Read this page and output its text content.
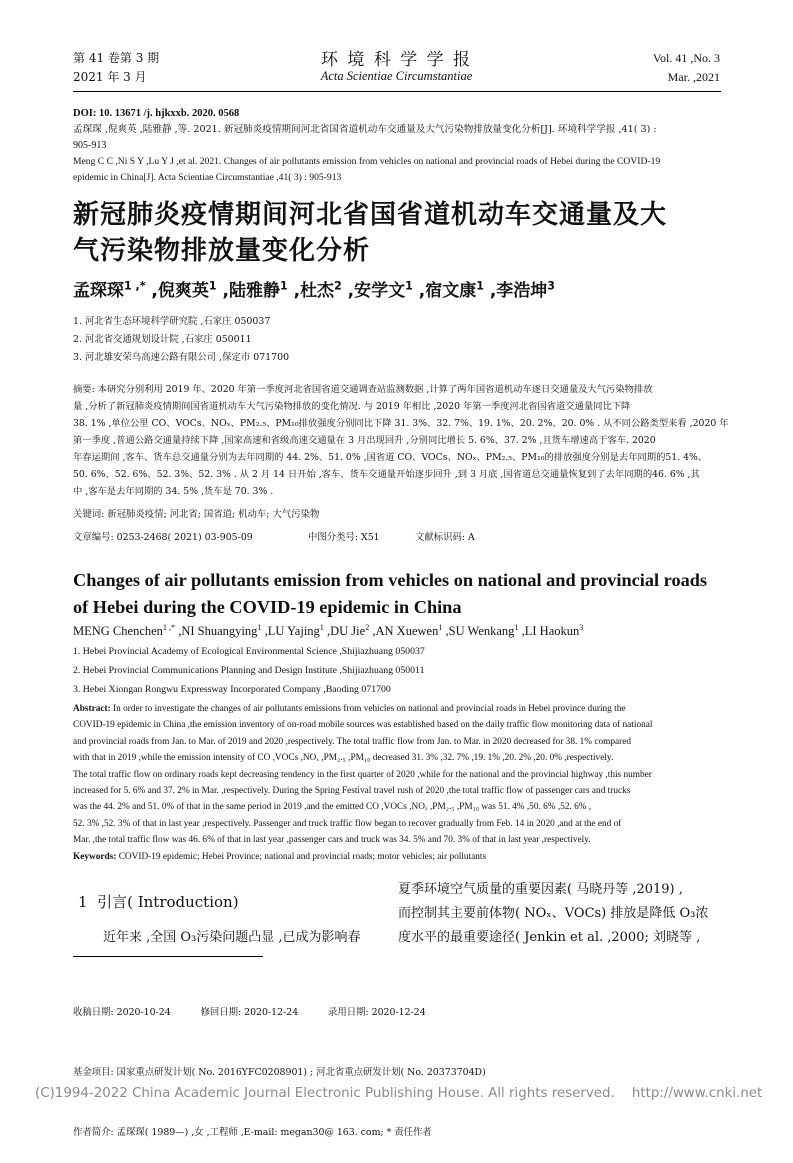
第 41 卷第 3 期
2021 年 3 月
环 境 科 学 学 报
Acta Scientiae Circumstantiae
Vol. 41 ,No. 3
Mar. ,2021
DOI: 10. 13671 /j. hjkxxb. 2020. 0568
孟琛琛 ,倪爽英 ,陆雅静 ,等. 2021. 新冠肺炎疫情期间河北省国省道机动车交通量及大气污染物排放量变化分析[J]. 环境科学学报 ,41( 3) :
905-913
Meng C C ,Ni S Y ,Lu Y J ,et al. 2021. Changes of air pollutants emission from vehicles on national and provincial roads of Hebei during the COVID-19
epidemic in China[J]. Acta Scientiae Circumstantiae ,41( 3) : 905-913
新冠肺炎疫情期间河北省国省道机动车交通量及大
气污染物排放量变化分析
孟琛琛$^{1 ,*}$ ,倪爽英$^1$ ,陆雅静$^1$ ,杜杰$^2$ ,安学文$^1$ ,宿文康$^1$ ,李浩坤$^3$
1. 河北省生态环境科学研究院 ,石家庄 050037
2. 河北省交通规划设计院 ,石家庄 050011
3. 河北雄安荣乌高速公路有限公司 ,保定市 071700
摘要: 本研究分别利用 2019 年、2020 年第一季度河北省国省道交通调查站监测数据 ,计算了两年国省道机动车逐日交通量及大气污染物排放
量 ,分析了新冠肺炎疫情期间国省道机动车大气污染物排放的变化情况. 与 2019 年相比 ,2020 年第一季度河北省国省道交通量同比下降
38. 1% ,单位公里 CO、VOCs、NOₓ、PM₂.₅、PM₁₀排放强度分别同比下降 31. 3%、32. 7%、19. 1%、20. 2%、20. 0% . 从不同公路类型来看 ,2020 年
第一季度 ,普通公路交通量持续下降 ,国家高速和省级高速交通量在 3 月出现回升 ,分别同比增长 5. 6%、37. 2% ,且货车增速高于客车. 2020
年春运期间 ,客车、货车总交通量分别为去年同期的 44. 2%、51. 0% ,国省道 CO、VOCs、NOₓ、PM₂.₅、PM₁₀的排放强度分别是去年同期的51. 4%、
50. 6%、52. 6%、52. 3%、52. 3% . 从 2 月 14 日开始 ,客车、货车交通量开始逐步回升 ,到 3 月底 ,国省道总交通量恢复到了去年同期的46. 6% ,其
中 ,客车是去年同期的 34. 5% ,货车是 70. 3% .
关键词: 新冠肺炎疫情; 河北省; 国省道; 机动车; 大气污染物
文章编号: 0253-2468( 2021) 03-905-09	中图分类号: X51	文献标识码: A
Changes of air pollutants emission from vehicles on national and provincial roads
of Hebei during the COVID-19 epidemic in China
MENG Chenchen$^{1 ,*}$ ,NI Shuangying$^1$ ,LU Yajing$^1$ ,DU Jie$^2$ ,AN Xuewen$^1$ ,SU Wenkang$^1$ ,LI Haokun$^3$
1. Hebei Provincial Academy of Ecological Environmental Science ,Shijiazhuang 050037
2. Hebei Provincial Communications Planning and Design Institute ,Shijiazhuang 050011
3. Hebei Xiongan Rongwu Expressway Incorporated Company ,Baoding 071700
Abstract: In order to investigate the changes of air pollutants emissions from vehicles on national and provincial roads in Hebei province during the
COVID-19 epidemic in China ,the emission inventory of on-road mobile sources was established based on the daily traffic flow monitoring data of national
and provincial roads from Jan. to Mar. of 2019 and 2020 ,respectively. The total traffic flow from Jan. to Mar. in 2020 decreased for 38. 1% compared
with that in 2019 ,while the emission intensity of CO ,VOCs ,NOₓ ,PM₂.₅ ,PM₁₀ decreased 31. 3% ,32. 7% ,19. 1% ,20. 2% ,20. 0% ,respectively.
The total traffic flow on ordinary roads kept decreasing tendency in the first quarter of 2020 ,while for the national and the provincial highway ,this number
increased for 5. 6% and 37. 2% in Mar. ,respectively. During the Spring Festival travel rush of 2020 ,the total traffic flow of passenger cars and trucks
was the 44. 2% and 51. 0% of that in the same period in 2019 ,and the emitted CO ,VOCs ,NOₓ ,PM₂.₅ ,PM₁₀ was 51. 4% ,50. 6% ,52. 6% ,
52. 3% ,52. 3% of that in last year ,respectively. Passenger and truck traffic flow began to recover gradually from Feb. 14 in 2020 ,and at the end of
Mar. ,the total traffic flow was 46. 6% of that in last year ,passenger cars and truck was 34. 5% and 70. 3% of that in last year ,respectively.
Keywords: COVID-19 epidemic; Hebei Province; national and provincial roads; motor vehicles; air pollutants
1  引言( Introduction)
近年来 ,全国 O₃污染问题凸显 ,已成为影响春
夏季环境空气质量的重要因素( 马晓丹等 ,2019) ,
而控制其主要前体物( NOₓ、VOCs) 排放是降低 O₃浓
度水平的最重要途径( Jenkin et al. ,2000; 刘晓等 ,

收稿日期: 2020-10-24          修回日期: 2020-12-24          录用日期: 2020-12-24

基金项目: 国家重点研发计划( No. 2016YFC0208901) ; 河北省重点研发计划( No. 20373704D)

作者简介: 孟琛琛( 1989—) ,女 ,工程师 ,E-mail: megan30@ 163. com; * 责任作者

(C)1994-2022 China Academic Journal Electronic Publishing House. All rights reserved.    http://www.cnki.net
